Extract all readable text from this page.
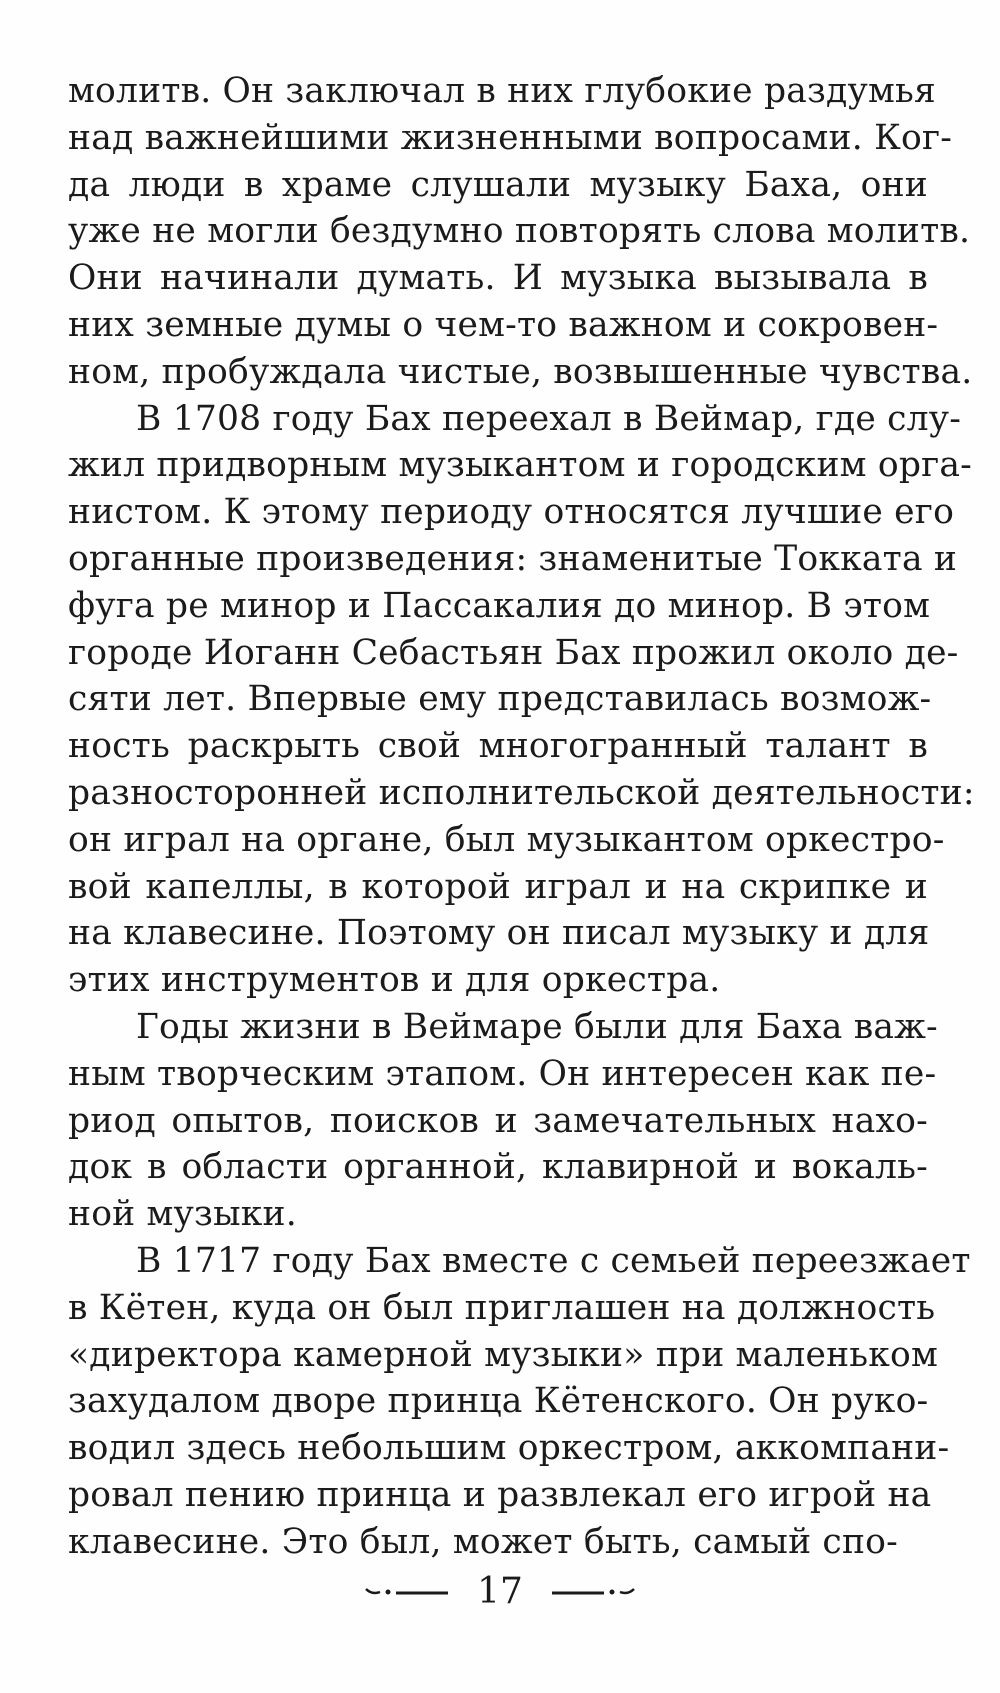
молитв. Он заключал в них глубокие раздумья
над важнейшими жизненными вопросами. Ког-
да люди в храме слушали музыку Баха, они
уже не могли бездумно повторять слова молитв.
Они начинали думать. И музыка вызывала в
них земные думы о чем-то важном и сокровен-
ном, пробуждала чистые, возвышенные чувства.
В 1708 году Бах переехал в Веймар, где слу-
жил придворным музыкантом и городским орга-
нистом. К этому периоду относятся лучшие его
органные произведения: знаменитые Токката и
фуга ре минор и Пассакалия до минор. В этом
городе Иоганн Себастьян Бах прожил около де-
сяти лет. Впервые ему представилась возмож-
ность раскрыть свой многогранный талант в
разносторонней исполнительской деятельности:
он играл на органе, был музыкантом оркестро-
вой капеллы, в которой играл и на скрипке и
на клавесине. Поэтому он писал музыку и для
этих инструментов и для оркестра.
Годы жизни в Веймаре были для Баха важ-
ным творческим этапом. Он интересен как пе-
риод опытов, поисков и замечательных нахо-
док в области органной, клавирной и вокаль-
ной музыки.
В 1717 году Бах вместе с семьей переезжает
в Кётен, куда он был приглашен на должность
«директора камерной музыки» при маленьком
захудалом дворе принца Кётенского. Он руко-
водил здесь небольшим оркестром, аккомпани-
ровал пению принца и развлекал его игрой на
клавесине. Это был, может быть, самый спо-
17
